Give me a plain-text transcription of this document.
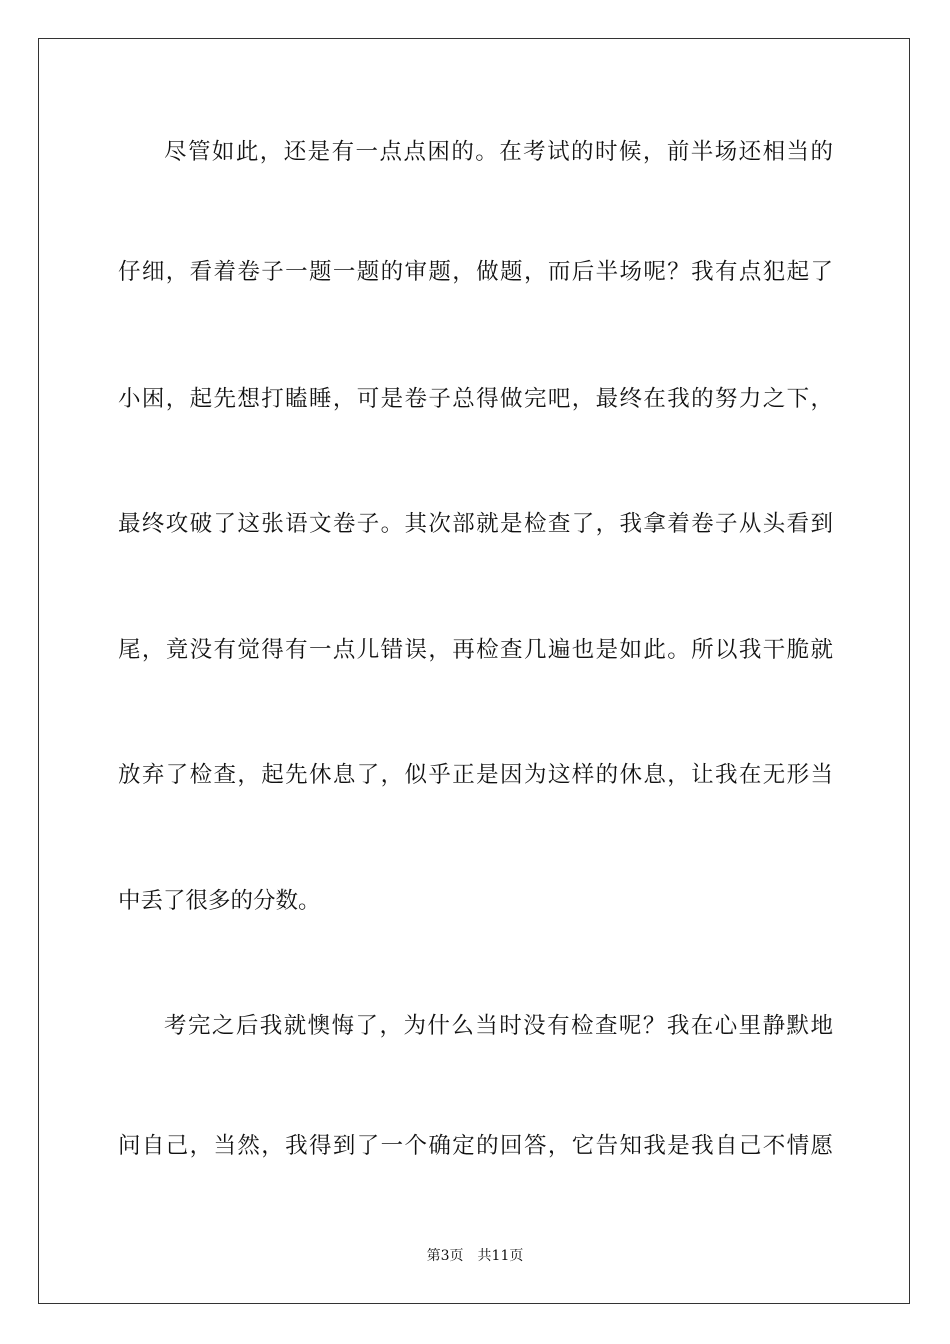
尽管如此，还是有一点点困的。在考试的时候，前半场还相当的
仔细，看着卷子一题一题的审题，做题，而后半场呢？我有点犯起了
小困，起先想打瞌睡，可是卷子总得做完吧，最终在我的努力之下，
最终攻破了这张语文卷子。其次部就是检查了，我拿着卷子从头看到
尾，竟没有觉得有一点儿错误，再检查几遍也是如此。所以我干脆就
放弃了检查，起先休息了，似乎正是因为这样的休息，让我在无形当
中丢了很多的分数。
考完之后我就懊悔了，为什么当时没有检查呢？我在心里静默地
问自己，当然，我得到了一个确定的回答，它告知我是我自己不情愿
第3页　共11页
